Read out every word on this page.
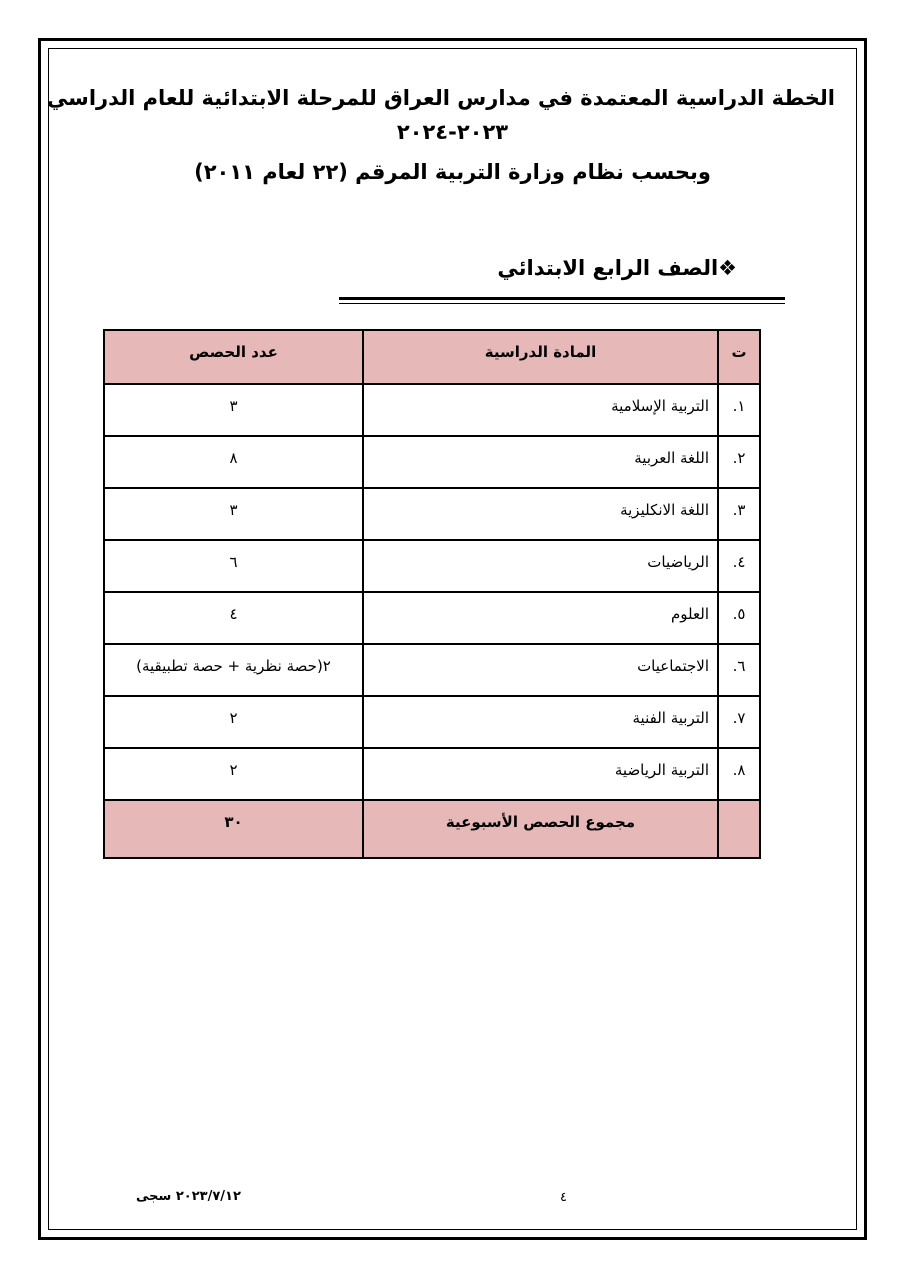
الخطة الدراسية المعتمدة في مدارس العراق للمرحلة الابتدائية للعام الدراسي
٢٠٢٣-٢٠٢٤
وبحسب نظام وزارة التربية المرقم (٢٢ لعام ٢٠١١)
❖الصف الرابع الابتدائي
ت	المادة الدراسية	عدد الحصص

١.	التربية الإسلامية	٣

٢.	اللغة العربية	٨

٣.	اللغة الانكليزية	٣

٤.	الرياضيات	٦

٥.	العلوم	٤

٦.	الاجتماعيات	٢(حصة نظرية + حصة تطبيقية)

٧.	التربية الفنية	٢

٨.	التربية الرياضية	٢

	مجموع الحصص الأسبوعية	٣٠
٤
٢٠٢٣/٧/١٢ سجى
